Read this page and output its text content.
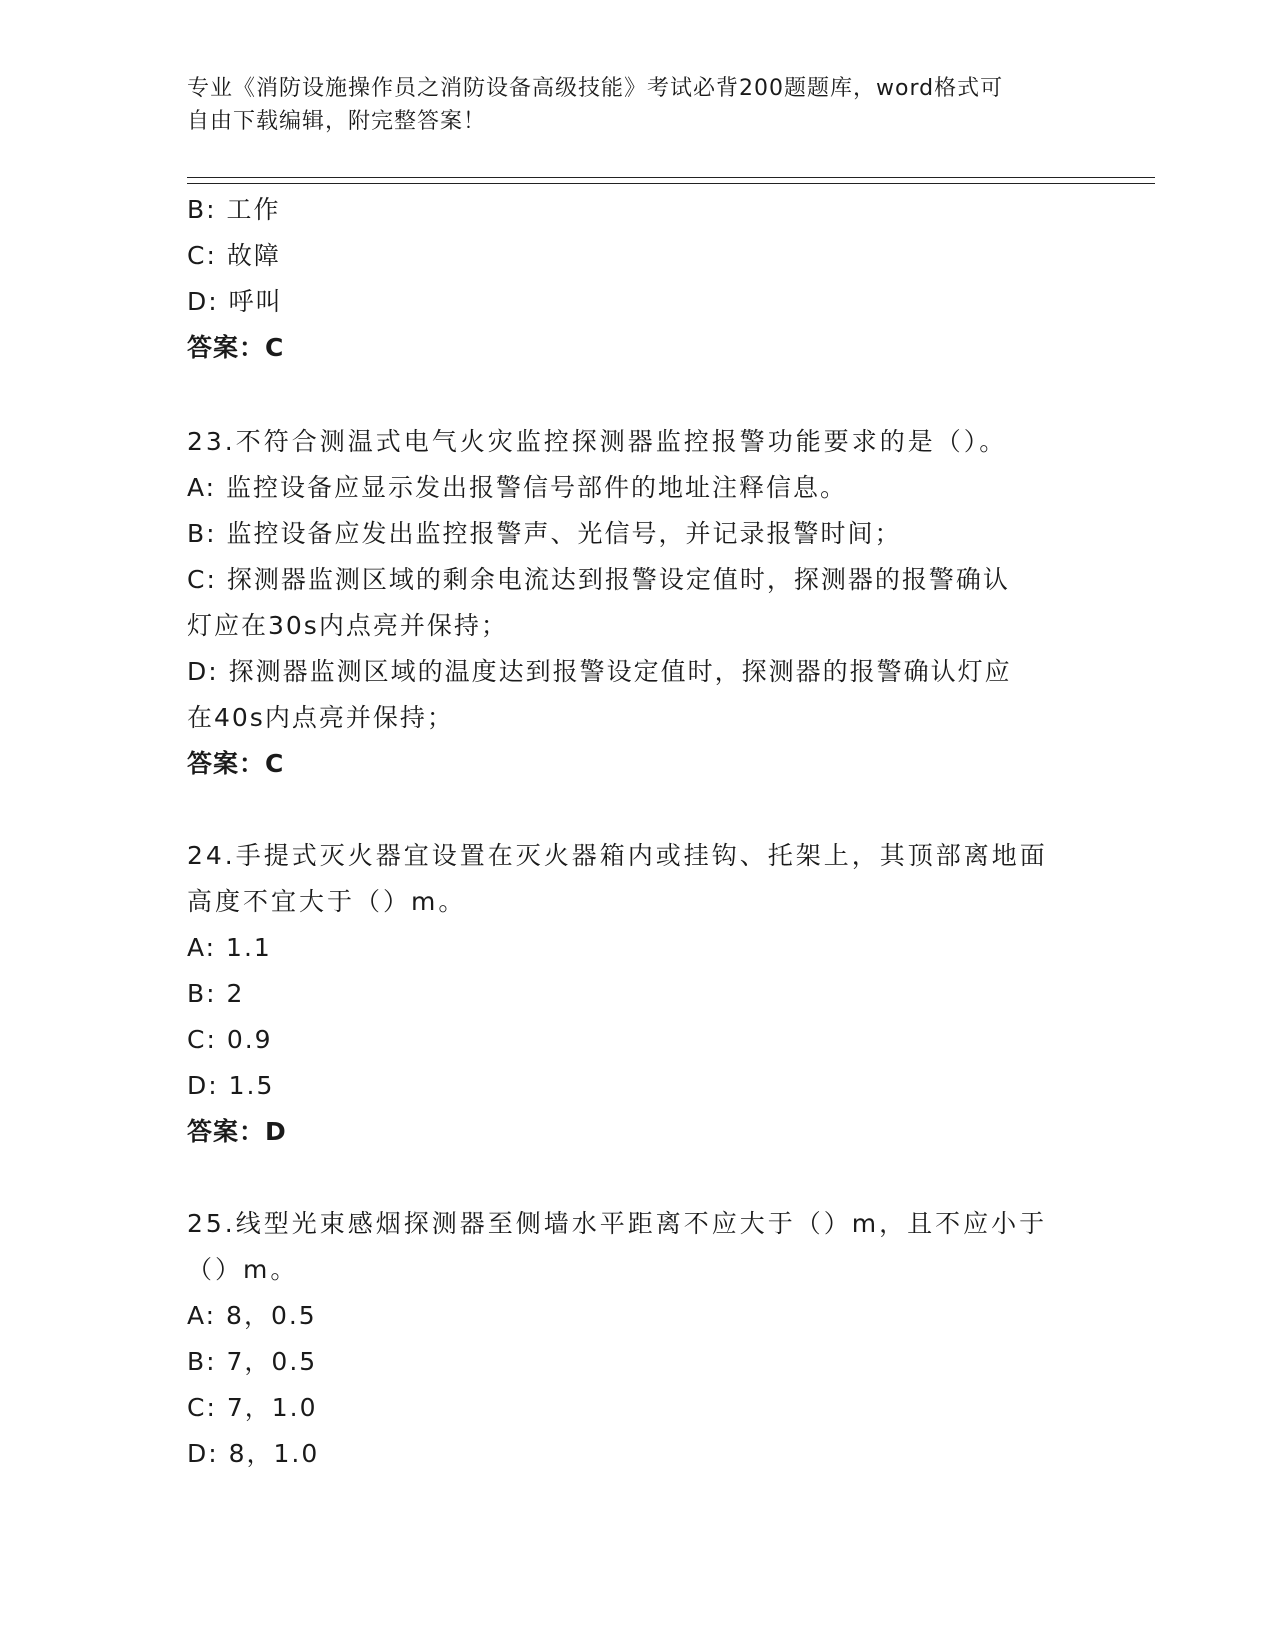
专业《消防设施操作员之消防设备高级技能》考试必背200题题库，word格式可
自由下载编辑，附完整答案！
B: 工作
C: 故障
D: 呼叫
答案：C
23.不符合测温式电气火灾监控探测器监控报警功能要求的是（）。
A: 监控设备应显示发出报警信号部件的地址注释信息。
B: 监控设备应发出监控报警声、光信号，并记录报警时间；
C: 探测器监测区域的剩余电流达到报警设定值时，探测器的报警确认
灯应在30s内点亮并保持；
D: 探测器监测区域的温度达到报警设定值时，探测器的报警确认灯应
在40s内点亮并保持；
答案：C
24.手提式灭火器宜设置在灭火器箱内或挂钩、托架上，其顶部离地面
高度不宜大于（）m。
A: 1.1
B: 2
C: 0.9
D: 1.5
答案：D
25.线型光束感烟探测器至侧墙水平距离不应大于（）m，且不应小于
（）m。
A: 8，0.5
B: 7，0.5
C: 7，1.0
D: 8，1.0
